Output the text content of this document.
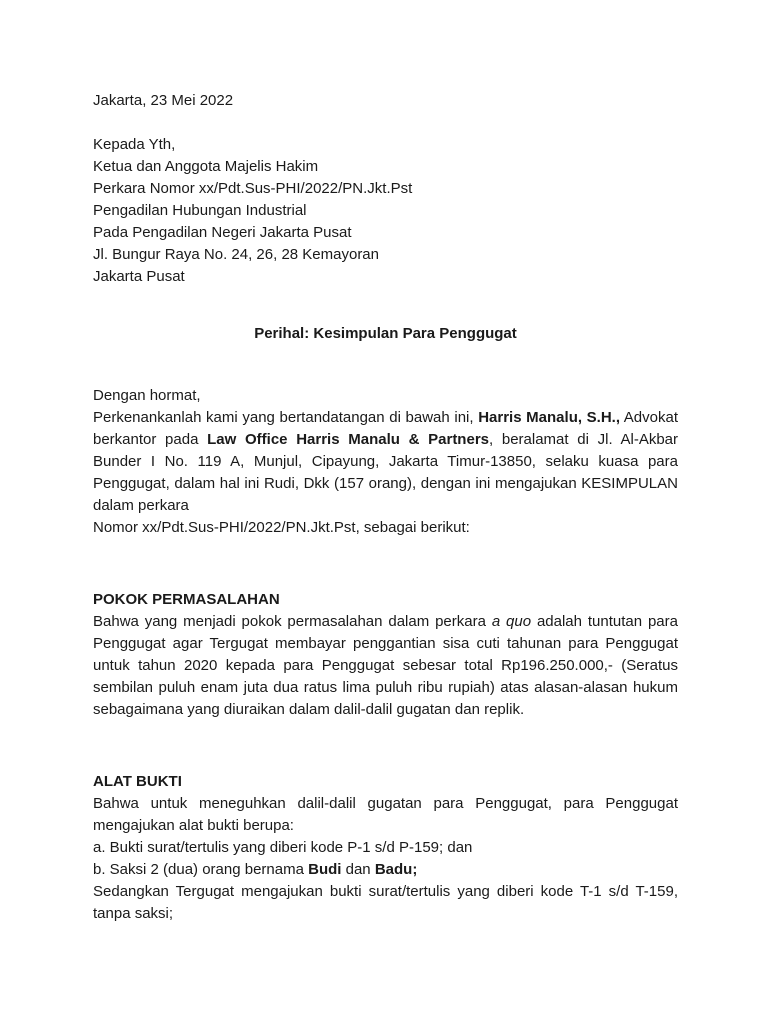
Jakarta, 23 Mei 2022

Kepada Yth,

Ketua dan Anggota Majelis Hakim

Perkara Nomor xx/Pdt.Sus-PHI/2022/PN.Jkt.Pst

Pengadilan Hubungan Industrial

Pada Pengadilan Negeri Jakarta Pusat

Jl. Bungur Raya No. 24, 26, 28 Kemayoran

Jakarta Pusat

Perihal: Kesimpulan Para Penggugat

Dengan hormat,

Perkenankanlah kami yang bertandatangan di bawah ini, Harris Manalu, S.H., Advokat berkantor pada Law Office Harris Manalu & Partners, beralamat di Jl. Al-Akbar Bunder I No. 119 A, Munjul, Cipayung, Jakarta Timur-13850, selaku kuasa para Penggugat, dalam hal ini Rudi, Dkk (157 orang), dengan ini mengajukan KESIMPULAN dalam perkara

Nomor xx/Pdt.Sus-PHI/2022/PN.Jkt.Pst, sebagai berikut:

POKOK PERMASALAHAN

Bahwa yang menjadi pokok permasalahan dalam perkara a quo adalah tuntutan para Penggugat agar Tergugat membayar penggantian sisa cuti tahunan para Penggugat untuk tahun 2020 kepada para Penggugat sebesar total Rp196.250.000,- (Seratus sembilan puluh enam juta dua ratus lima puluh ribu rupiah) atas alasan-alasan hukum sebagaimana yang diuraikan dalam dalil-dalil gugatan dan replik.

ALAT BUKTI

Bahwa untuk meneguhkan dalil-dalil gugatan para Penggugat, para Penggugat mengajukan alat bukti berupa:

a. Bukti surat/tertulis yang diberi kode P-1 s/d P-159; dan

b. Saksi 2 (dua) orang bernama Budi dan Badu;

Sedangkan Tergugat mengajukan bukti surat/tertulis yang diberi kode T-1 s/d T-159, tanpa saksi;
